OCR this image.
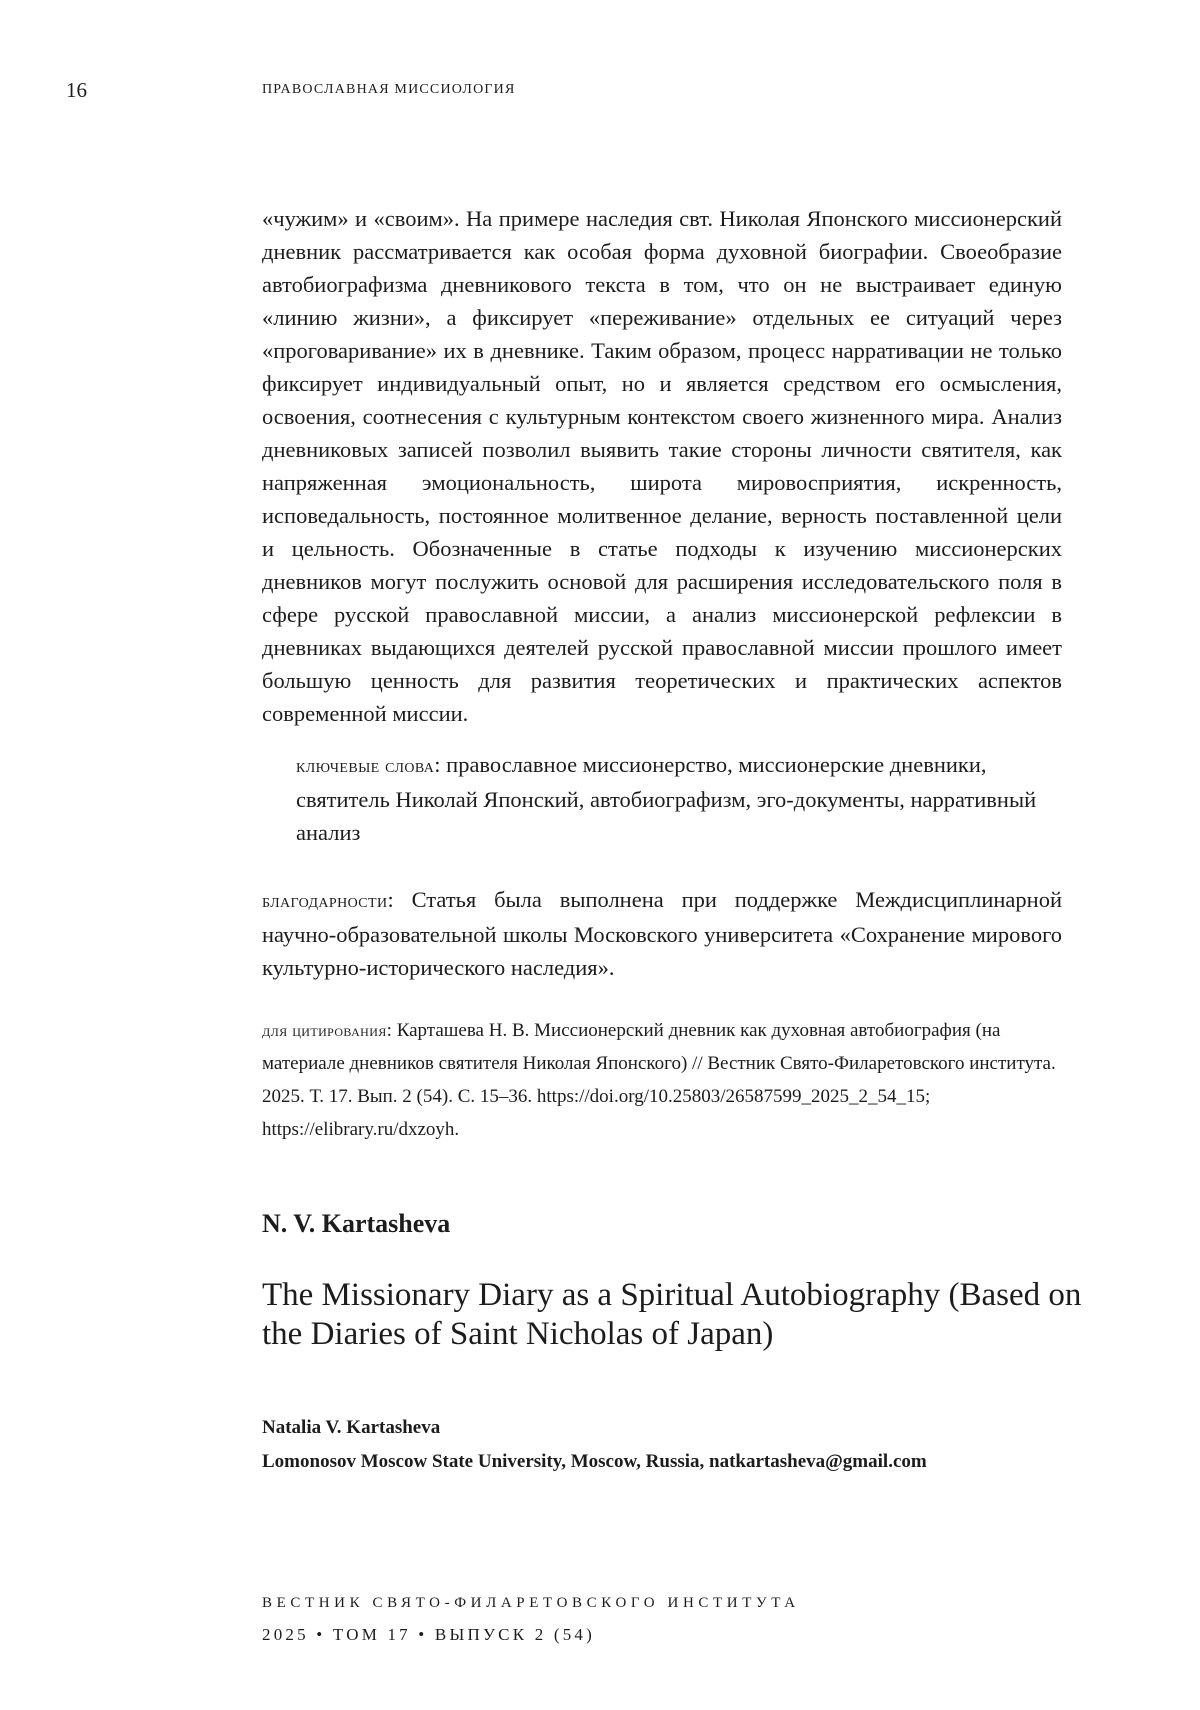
16	ПРАВОСЛАВНАЯ МИССИОЛОГИЯ

«чужим» и «своим». На примере наследия свт. Николая Японского миссионерский дневник рассматривается как особая форма духовной биографии. Своеобразие автобиографизма дневникового текста в том, что он не выстраивает единую «линию жизни», а фиксирует «переживание» отдельных ее ситуаций через «проговаривание» их в дневнике. Таким образом, процесс нарративации не только фиксирует индивидуальный опыт, но и является средством его осмысления, освоения, соотнесения с культурным контекстом своего жизненного мира. Анализ дневниковых записей позволил выявить такие стороны личности святителя, как напряженная эмоциональность, широта мировосприятия, искренность, исповедальность, постоянное молитвенное делание, верность поставленной цели и цельность. Обозначенные в статье подходы к изучению миссионерских дневников могут послужить основой для расширения исследовательского поля в сфере русской православной миссии, а анализ миссионерской рефлексии в дневниках выдающихся деятелей русской православной миссии прошлого имеет большую ценность для развития теоретических и практических аспектов современной миссии.

ключевые слова: православное миссионерство, миссионерские дневники, святитель Николай Японский, автобиографизм, эго-документы, нарративный анализ
благодарности: Статья была выполнена при поддержке Междисциплинарной научно-образовательной школы Московского университета «Сохранение мирового культурно-исторического наследия».
для цитирования: Карташева Н. В. Миссионерский дневник как духовная автобиография (на материале дневников святителя Николая Японского) // Вестник Свято-Филаретовского института. 2025. Т. 17. Вып. 2 (54). С. 15–36. https://doi.org/10.25803/26587599_2025_2_54_15; https://elibrary.ru/dxzoyh.
N. V. Kartasheva
The Missionary Diary as a Spiritual Autobiography (Based on the Diaries of Saint Nicholas of Japan)
Natalia V. Kartasheva
Lomonosov Moscow State University, Moscow, Russia, natkartasheva@gmail.com
ВЕСТНИК СВЯТО-ФИЛАРЕТОВСКОГО ИНСТИТУТА
2025 • ТОМ 17 • ВЫПУСК 2 (54)
